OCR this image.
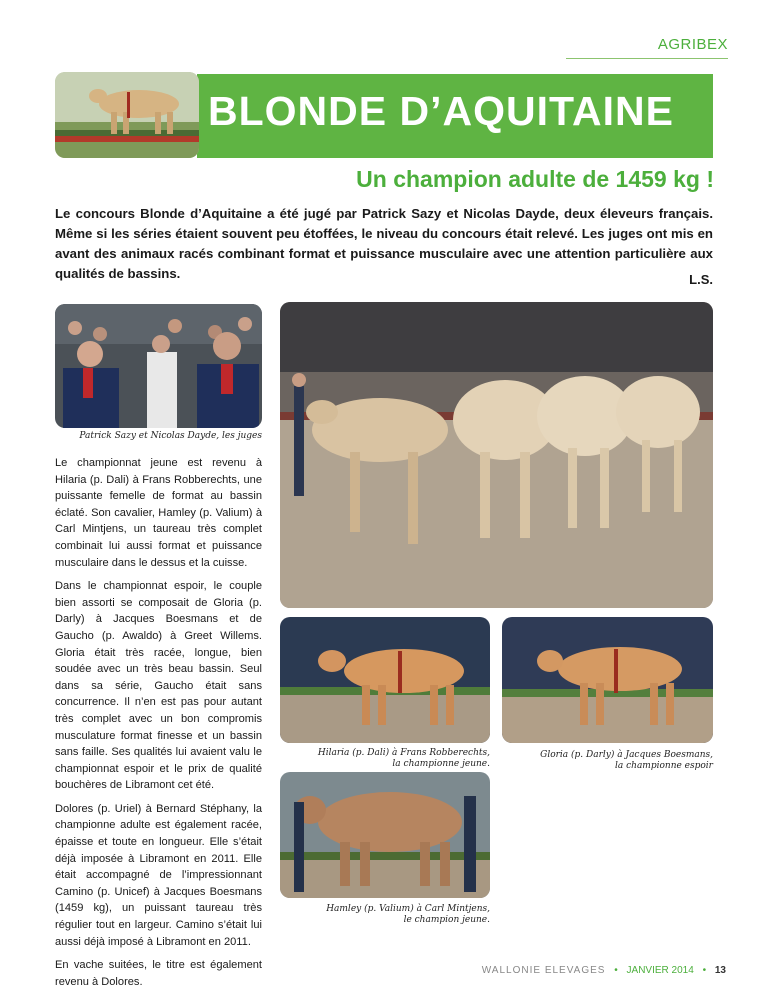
AGRIBEX
BLONDE D’AQUITAINE
Un champion adulte de 1459 kg !

Le concours Blonde d’Aquitaine a été jugé par Patrick Sazy et Nicolas Dayde, deux éleveurs français. Même si les séries étaient souvent peu étoffées, le niveau du concours était relevé. Les juges ont mis en avant des animaux racés combinant format et puissance musculaire avec une attention particulière aux qualités de bassins.	L.S.
Patrick Sazy et Nicolas Dayde, les juges
Hilaria (p. Dali) à Frans Robberechts,
la championne jeune.
Gloria (p. Darly) à Jacques Boesmans,
la championne espoir
Hamley (p. Valium) à Carl Mintjens,
le champion jeune.

Le championnat jeune est revenu à Hilaria (p. Dali) à Frans Robberechts, une puissante femelle de format au bassin éclaté. Son cavalier, Hamley (p. Valium) à Carl Mintjens, un taureau très complet combinait lui aussi format et puissance musculaire dans le dessus et la cuisse.

Dans le championnat espoir, le couple bien assorti se composait de Gloria (p. Darly) à Jacques Boesmans et de Gaucho (p. Awaldo) à Greet Willems. Gloria était très racée, longue, bien soudée avec un très beau bassin. Seul dans sa série, Gaucho était sans concurrence. Il n’en est pas pour autant très complet avec un bon compromis musculature format finesse et un bassin sans faille. Ses qualités lui avaient valu le championnat espoir et le prix de qualité bouchères de Libramont cet été.

Dolores (p. Uriel) à Bernard Stéphany, la championne adulte est également racée, épaisse et toute en longueur. Elle s’était déjà imposée à Libramont en 2011. Elle était accompagné de l’impressionnant Camino (p. Unicef) à Jacques Boesmans (1459 kg), un puissant taureau très régulier tout en largeur. Camino s’était lui aussi déjà imposé à Libramont en 2011.

En vache suitées, le titre est également revenu à Dolores.

WALLONIE ELEVAGES • JANVIER 2014 • 13
